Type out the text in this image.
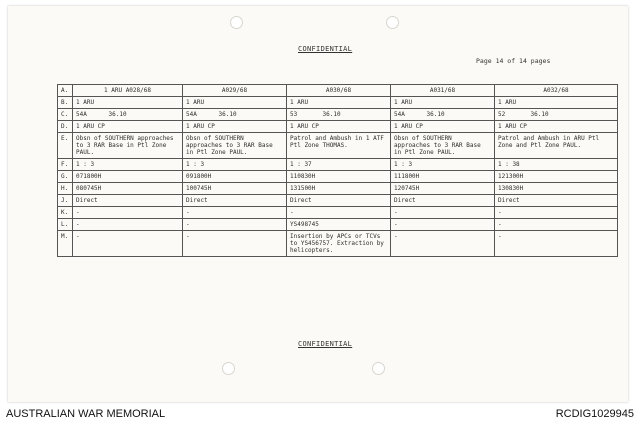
CONFIDENTIAL
Page 14 of 14 pages
A.	1 ARU A028/68	A029/68	A030/68	A031/68	A032/68
B.	1 ARU	1 ARU	1 ARU	1 ARU	1 ARU
C.	54A      36.10	54A      36.10	53       36.10	54A      36.10	52       36.10
D.	1 ARU CP	1 ARU CP	1 ARU CP	1 ARU CP	1 ARU CP
E.	Obsn of SOUTHERN approaches to 3 RAR Base in Ptl Zone PAUL.	Obsn of SOUTHERN approaches to 3 RAR Base in Ptl Zone PAUL.	Patrol and Ambush in 1 ATF Ptl Zone THOMAS.	Obsn of SOUTHERN approaches to 3 RAR Base in Ptl Zone PAUL.	Patrol and Ambush in ARU Ptl Zone and Ptl Zone PAUL.
F.	1 : 3	1 : 3	1 : 37	1 : 3	1 : 38
G.	071800H	091800H	110830H	111800H	121300H
H.	080745H	100745H	131500H	120745H	130830H
J.	Direct	Direct	Direct	Direct	Direct
K.	-	-	-	-	-
L.	-	-	YS498745	-	-
M.	-	-	Insertion by APCs or TCVs to YS456757. Extraction by helicopters.	-	-
CONFIDENTIAL
AUSTRALIAN WAR MEMORIAL	RCDIG1029945
